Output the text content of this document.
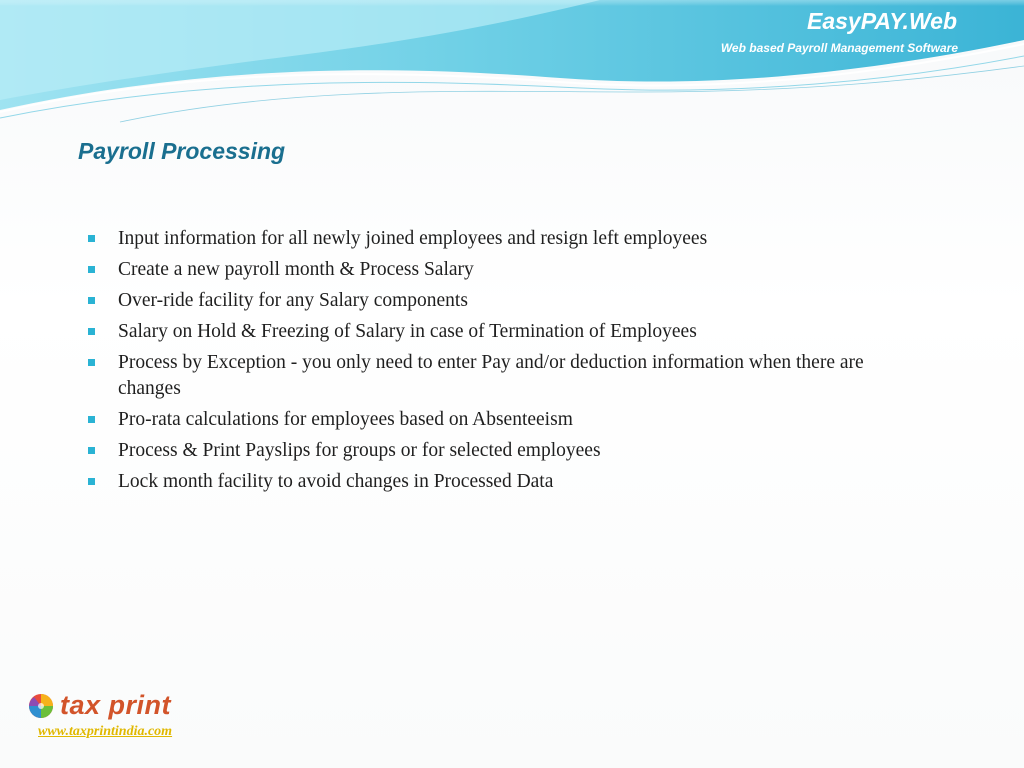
EasyPAY.Web

Web based Payroll Management Software

Payroll Processing
Input information for all newly joined employees and resign left employees
Create a new payroll month & Process Salary
Over-ride facility for any Salary components
Salary on Hold & Freezing of Salary in case of Termination of Employees
Process by Exception - you only need to enter Pay and/or deduction information when there are changes
Pro-rata calculations for employees based on Absenteeism
Process & Print Payslips for groups or for selected employees
Lock month facility to avoid changes in Processed Data
tax print
www.taxprintindia.com
